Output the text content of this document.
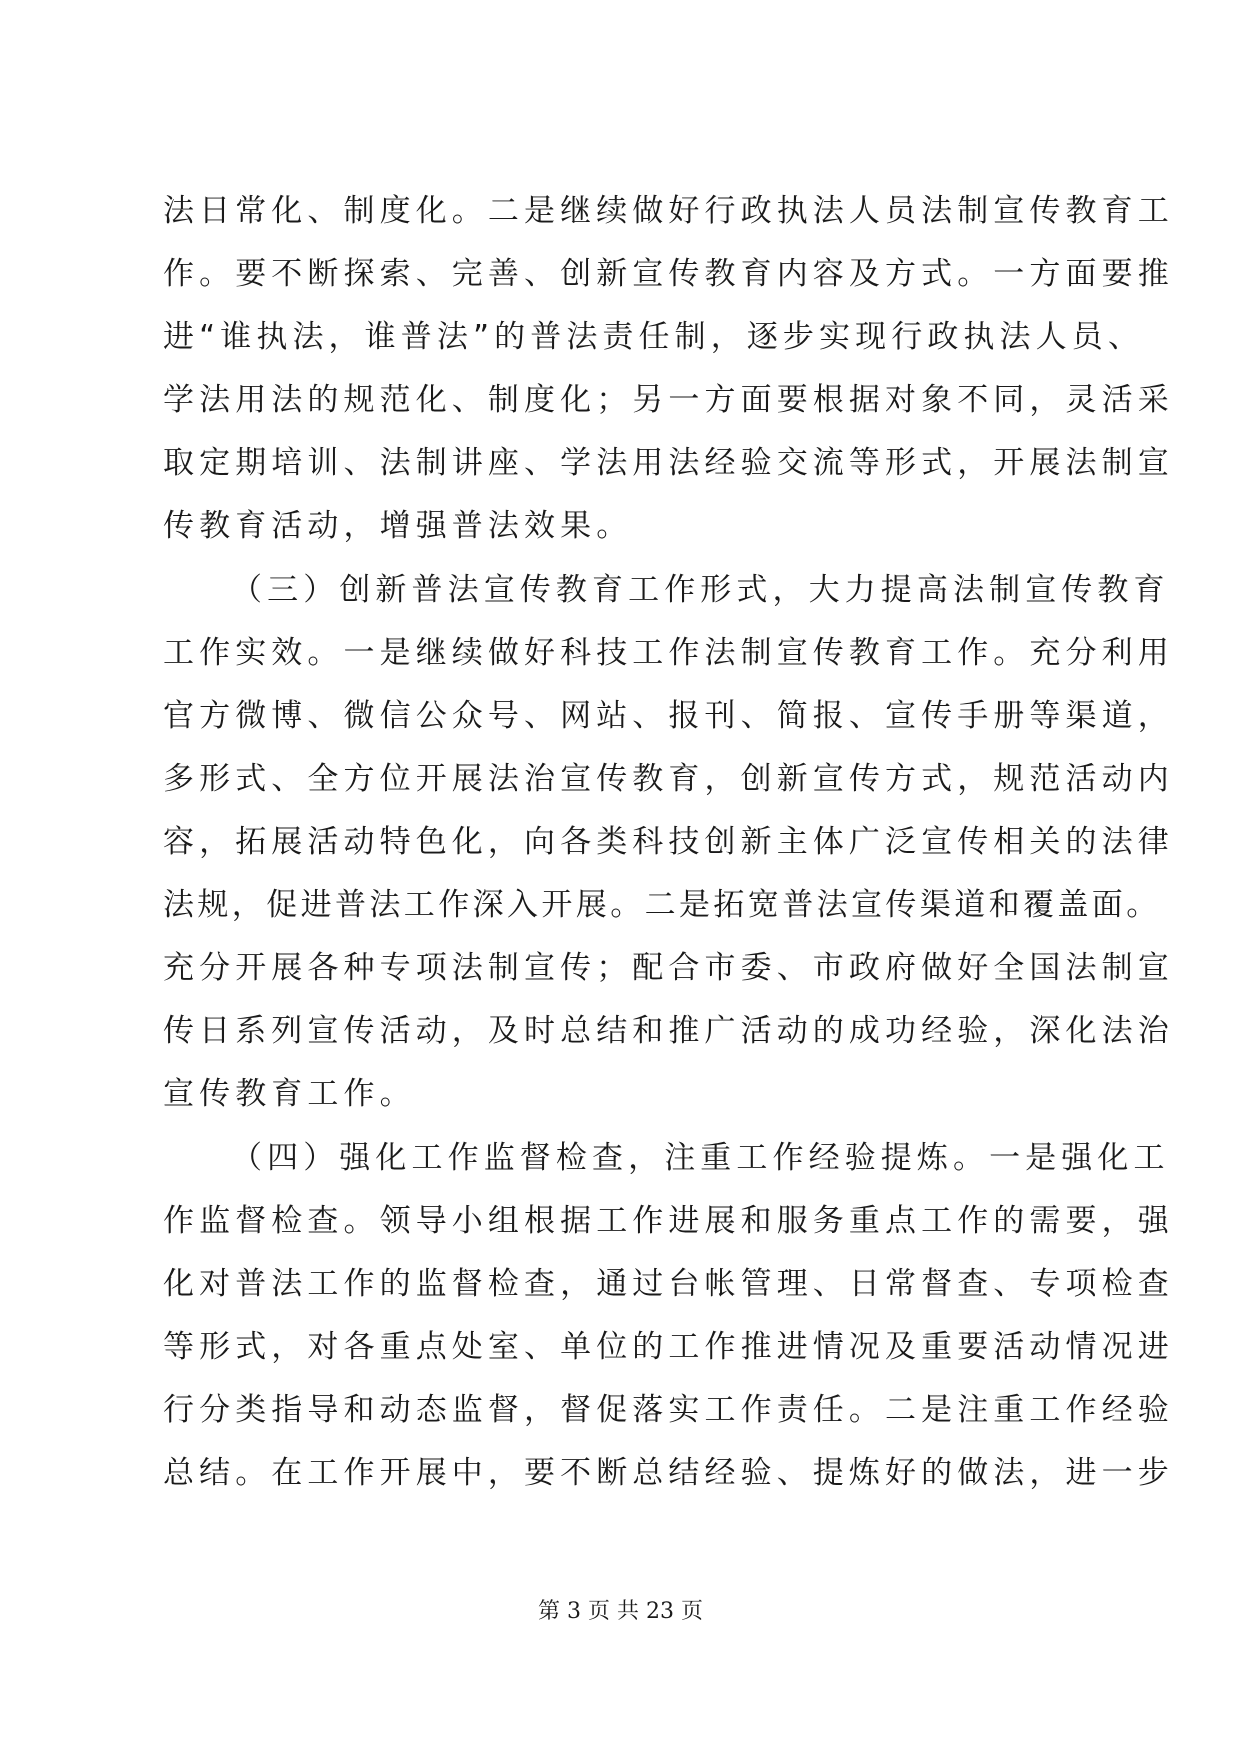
法日常化、制度化。二是继续做好行政执法人员法制宣传教育工
作。要不断探索、完善、创新宣传教育内容及方式。一方面要推
进“谁执法，谁普法”的普法责任制，逐步实现行政执法人员、
学法用法的规范化、制度化；另一方面要根据对象不同，灵活采
取定期培训、法制讲座、学法用法经验交流等形式，开展法制宣
传教育活动，增强普法效果。
（三）创新普法宣传教育工作形式，大力提高法制宣传教育
工作实效。一是继续做好科技工作法制宣传教育工作。充分利用
官方微博、微信公众号、网站、报刊、简报、宣传手册等渠道，
多形式、全方位开展法治宣传教育，创新宣传方式，规范活动内
容，拓展活动特色化，向各类科技创新主体广泛宣传相关的法律
法规，促进普法工作深入开展。二是拓宽普法宣传渠道和覆盖面。
充分开展各种专项法制宣传；配合市委、市政府做好全国法制宣
传日系列宣传活动，及时总结和推广活动的成功经验，深化法治
宣传教育工作。
（四）强化工作监督检查，注重工作经验提炼。一是强化工
作监督检查。领导小组根据工作进展和服务重点工作的需要，强
化对普法工作的监督检查，通过台帐管理、日常督查、专项检查
等形式，对各重点处室、单位的工作推进情况及重要活动情况进
行分类指导和动态监督，督促落实工作责任。二是注重工作经验
总结。在工作开展中，要不断总结经验、提炼好的做法，进一步
第 3 页 共 23 页
